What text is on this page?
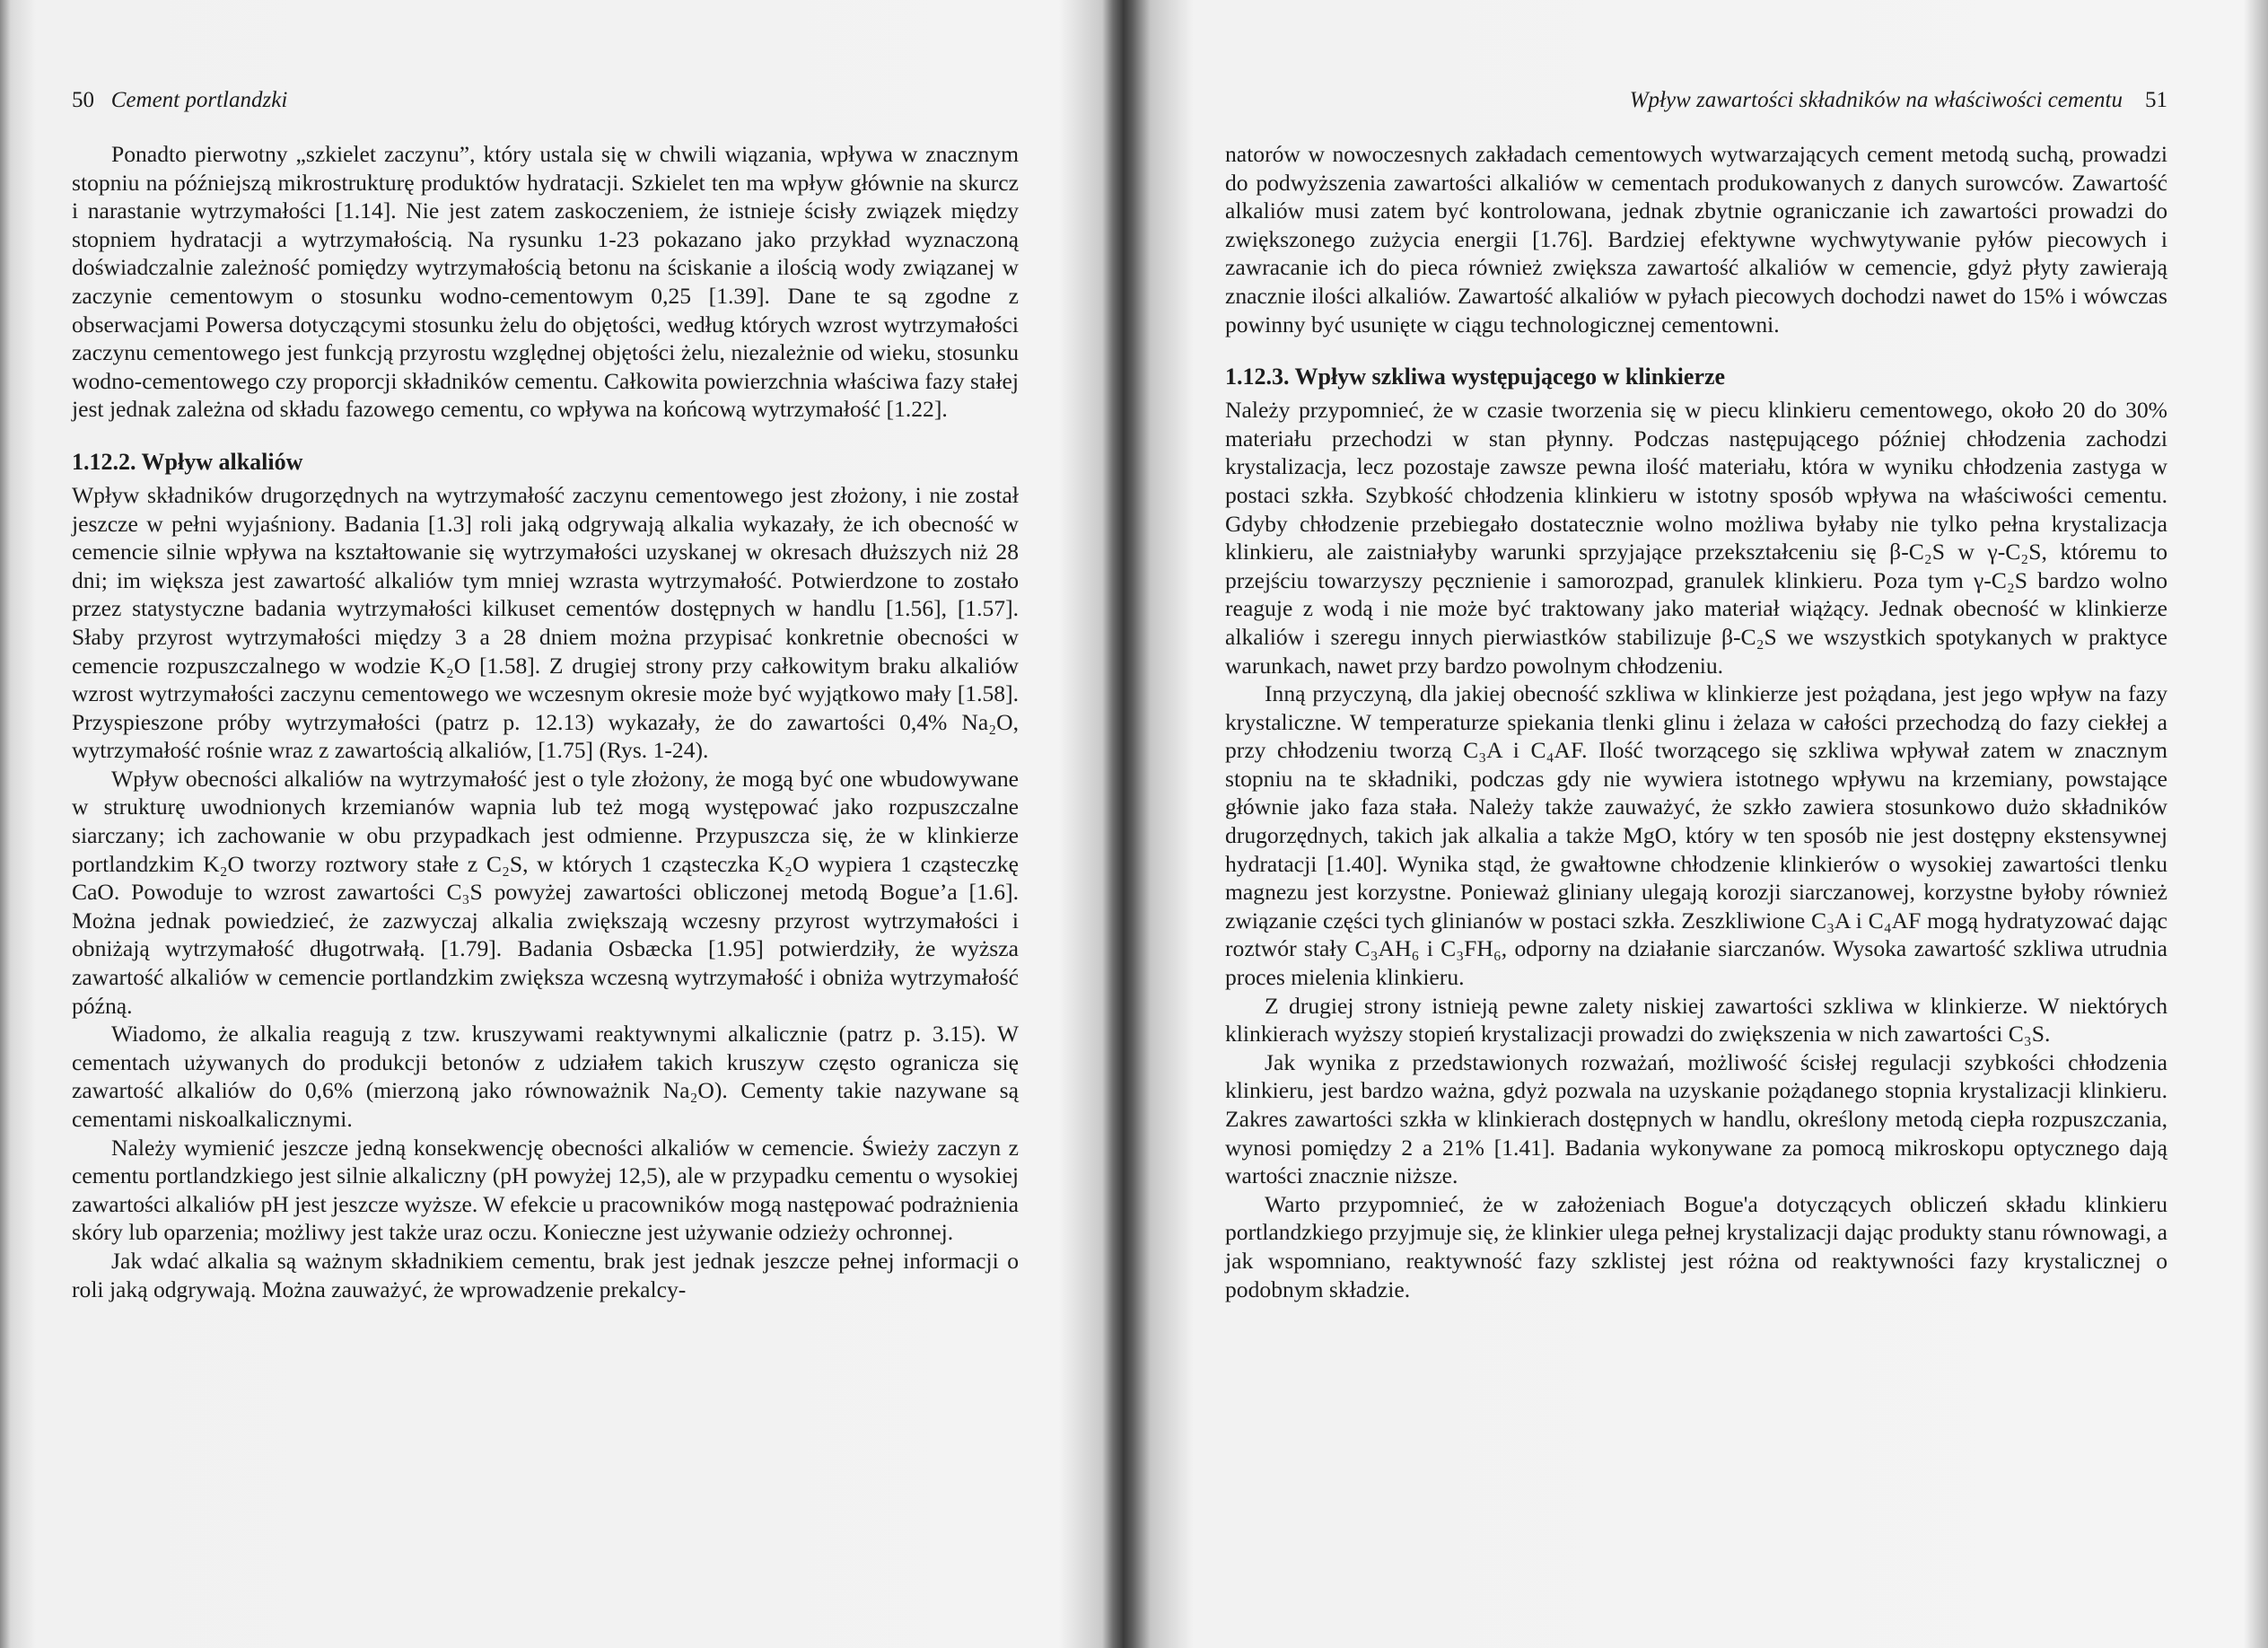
50 Cement portlandzki

Ponadto pierwotny „szkielet zaczynu”, który ustala się w chwili wiązania, wpływa w znacznym stopniu na późniejszą mikrostrukturę produktów hydratacji. Szkielet ten ma wpływ głównie na skurcz i narastanie wytrzymałości [1.14]. Nie jest zatem zaskoczeniem, że istnieje ścisły związek między stopniem hydratacji a wytrzymałością. Na rysunku 1-23 pokazano jako przykład wyznaczoną doświadczalnie zależność pomiędzy wytrzymałością betonu na ściskanie a ilością wody związanej w zaczynie cementowym o stosunku wodno-cementowym 0,25 [1.39]. Dane te są zgodne z obserwacjami Powersa dotyczącymi stosunku żelu do objętości, według których wzrost wytrzymałości zaczynu cementowego jest funkcją przyrostu względnej objętości żelu, niezależnie od wieku, stosunku wodno-cementowego czy proporcji składników cementu. Całkowita powierzchnia właściwa fazy stałej jest jednak zależna od składu fazowego cementu, co wpływa na końcową wytrzymałość [1.22].

1.12.2. Wpływ alkaliów

Wpływ składników drugorzędnych na wytrzymałość zaczynu cementowego jest złożony, i nie został jeszcze w pełni wyjaśniony. Badania [1.3] roli jaką odgrywają alkalia wykazały, że ich obecność w cemencie silnie wpływa na kształtowanie się wytrzymałości uzyskanej w okresach dłuższych niż 28 dni; im większa jest zawartość alkaliów tym mniej wzrasta wytrzymałość. Potwierdzone to zostało przez statystyczne badania wytrzymałości kilkuset cementów dostępnych w handlu [1.56], [1.57]. Słaby przyrost wytrzymałości między 3 a 28 dniem można przypisać konkretnie obecności w cemencie rozpuszczalnego w wodzie K₂O [1.58]. Z drugiej strony przy całkowitym braku alkaliów wzrost wytrzymałości zaczynu cementowego we wczesnym okresie może być wyjątkowo mały [1.58]. Przyspieszone próby wytrzymałości (patrz p. 12.13) wykazały, że do zawartości 0,4% Na₂O, wytrzymałość rośnie wraz z zawartością alkaliów, [1.75] (Rys. 1-24).

Wpływ obecności alkaliów na wytrzymałość jest o tyle złożony, że mogą być one wbudowywane w strukturę uwodnionych krzemianów wapnia lub też mogą występować jako rozpuszczalne siarczany; ich zachowanie w obu przypadkach jest odmienne. Przypuszcza się, że w klinkierze portlandzkim K₂O tworzy roztwory stałe z C₂S, w których 1 cząsteczka K₂O wypiera 1 cząsteczkę CaO. Powoduje to wzrost zawartości C₃S powyżej zawartości obliczonej metodą Bogue’a [1.6]. Można jednak powiedzieć, że zazwyczaj alkalia zwiększają wczesny przyrost wytrzymałości i obniżają wytrzymałość długotrwałą. [1.79]. Badania Osbæcka [1.95] potwierdziły, że wyższa zawartość alkaliów w cemencie portlandzkim zwiększa wczesną wytrzymałość i obniża wytrzymałość późną.

Wiadomo, że alkalia reagują z tzw. kruszywami reaktywnymi alkalicznie (patrz p. 3.15). W cementach używanych do produkcji betonów z udziałem takich kruszyw często ogranicza się zawartość alkaliów do 0,6% (mierzoną jako równoważnik Na₂O). Cementy takie nazywane są cementami niskoalkalicznymi.

Należy wymienić jeszcze jedną konsekwencję obecności alkaliów w cemencie. Świeży zaczyn z cementu portlandzkiego jest silnie alkaliczny (pH powyżej 12,5), ale w przypadku cementu o wysokiej zawartości alkaliów pH jest jeszcze wyższe. W efekcie u pracowników mogą następować podrażnienia skóry lub oparzenia; możliwy jest także uraz oczu. Konieczne jest używanie odzieży ochronnej.

Jak wdać alkalia są ważnym składnikiem cementu, brak jest jednak jeszcze pełnej informacji o roli jaką odgrywają. Można zauważyć, że wprowadzenie prekalcy-

Wpływ zawartości składników na właściwości cementu 51

natorów w nowoczesnych zakładach cementowych wytwarzających cement metodą suchą, prowadzi do podwyższenia zawartości alkaliów w cementach produkowanych z danych surowców. Zawartość alkaliów musi zatem być kontrolowana, jednak zbytnie ograniczanie ich zawartości prowadzi do zwiększonego zużycia energii [1.76]. Bardziej efektywne wychwytywanie pyłów piecowych i zawracanie ich do pieca również zwiększa zawartość alkaliów w cemencie, gdyż płyty zawierają znacznie ilości alkaliów. Zawartość alkaliów w pyłach piecowych dochodzi nawet do 15% i wówczas powinny być usunięte w ciągu technologicznej cementowni.

1.12.3. Wpływ szkliwa występującego w klinkierze

Należy przypomnieć, że w czasie tworzenia się w piecu klinkieru cementowego, około 20 do 30% materiału przechodzi w stan płynny. Podczas następującego później chłodzenia zachodzi krystalizacja, lecz pozostaje zawsze pewna ilość materiału, która w wyniku chłodzenia zastyga w postaci szkła. Szybkość chłodzenia klinkieru w istotny sposób wpływa na właściwości cementu. Gdyby chłodzenie przebiegało dostatecznie wolno możliwa byłaby nie tylko pełna krystalizacja klinkieru, ale zaistniałyby warunki sprzyjające przekształceniu się β-C₂S w γ-C₂S, któremu to przejściu towarzyszy pęcznienie i samorozpad, granulek klinkieru. Poza tym γ-C₂S bardzo wolno reaguje z wodą i nie może być traktowany jako materiał wiążący. Jednak obecność w klinkierze alkaliów i szeregu innych pierwiastków stabilizuje β-C₂S we wszystkich spotykanych w praktyce warunkach, nawet przy bardzo powolnym chłodzeniu.

Inną przyczyną, dla jakiej obecność szkliwa w klinkierze jest pożądana, jest jego wpływ na fazy krystaliczne. W temperaturze spiekania tlenki glinu i żelaza w całości przechodzą do fazy ciekłej a przy chłodzeniu tworzą C₃A i C₄AF. Ilość tworzącego się szkliwa wpływał zatem w znacznym stopniu na te składniki, podczas gdy nie wywiera istotnego wpływu na krzemiany, powstające głównie jako faza stała. Należy także zauważyć, że szkło zawiera stosunkowo dużo składników drugorzędnych, takich jak alkalia a także MgO, który w ten sposób nie jest dostępny ekstensywnej hydratacji [1.40]. Wynika stąd, że gwałtowne chłodzenie klinkierów o wysokiej zawartości tlenku magnezu jest korzystne. Ponieważ gliniany ulegają korozji siarczanowej, korzystne byłoby również związanie części tych glinianów w postaci szkła. Zeszkliwione C₃A i C₄AF mogą hydratyzować dając roztwór stały C₃AH₆ i C₃FH₆, odporny na działanie siarczanów. Wysoka zawartość szkliwa utrudnia proces mielenia klinkieru.

Z drugiej strony istnieją pewne zalety niskiej zawartości szkliwa w klinkierze. W niektórych klinkierach wyższy stopień krystalizacji prowadzi do zwiększenia w nich zawartości C₃S.

Jak wynika z przedstawionych rozważań, możliwość ścisłej regulacji szybkości chłodzenia klinkieru, jest bardzo ważna, gdyż pozwala na uzyskanie pożądanego stopnia krystalizacji klinkieru. Zakres zawartości szkła w klinkierach dostępnych w handlu, określony metodą ciepła rozpuszczania, wynosi pomiędzy 2 a 21% [1.41]. Badania wykonywane za pomocą mikroskopu optycznego dają wartości znacznie niższe.

Warto przypomnieć, że w założeniach Bogue'a dotyczących obliczeń składu klinkieru portlandzkiego przyjmuje się, że klinkier ulega pełnej krystalizacji dając produkty stanu równowagi, a jak wspomniano, reaktywność fazy szklistej jest różna od reaktywności fazy krystalicznej o podobnym składzie.
